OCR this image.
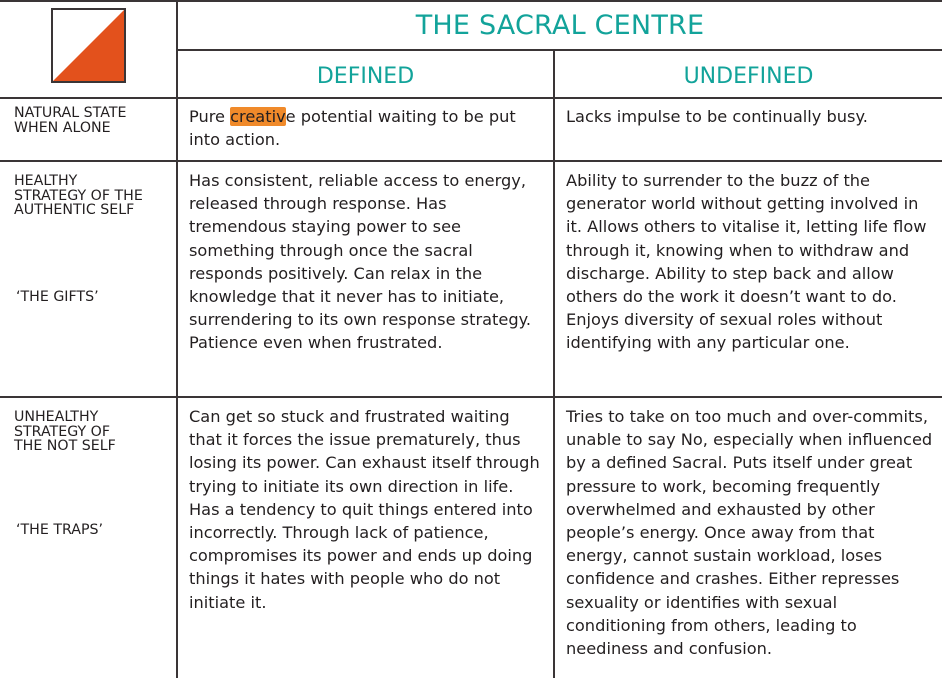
THE SACRAL CENTRE
DEFINED	UNDEFINED
NATURAL STATE
WHEN ALONE
Pure creative potential waiting to be put into action.
Lacks impulse to be continually busy.
HEALTHY
STRATEGY OF THE
AUTHENTIC SELF
‘THE GIFTS’
Has consistent, reliable access to energy, released through response. Has tremendous staying power to see something through once the sacral responds positively. Can relax in the knowledge that it never has to initiate, surrendering to its own response strategy. Patience even when frustrated.
Ability to surrender to the buzz of the generator world without getting involved in it. Allows others to vitalise it, letting life flow through it, knowing when to withdraw and discharge. Ability to step back and allow others do the work it doesn’t want to do. Enjoys diversity of sexual roles without identifying with any particular one.
UNHEALTHY
STRATEGY OF
THE NOT SELF
‘THE TRAPS’
Can get so stuck and frustrated waiting that it forces the issue prematurely, thus losing its power. Can exhaust itself through trying to initiate its own direction in life. Has a tendency to quit things entered into incorrectly. Through lack of patience, compromises its power and ends up doing things it hates with people who do not initiate it.
Tries to take on too much and over-commits, unable to say No, especially when influenced by a defined Sacral. Puts itself under great pressure to work, becoming frequently overwhelmed and exhausted by other people’s energy. Once away from that energy, cannot sustain workload, loses confidence and crashes. Either represses sexuality or identifies with sexual conditioning from others, leading to neediness and confusion.
